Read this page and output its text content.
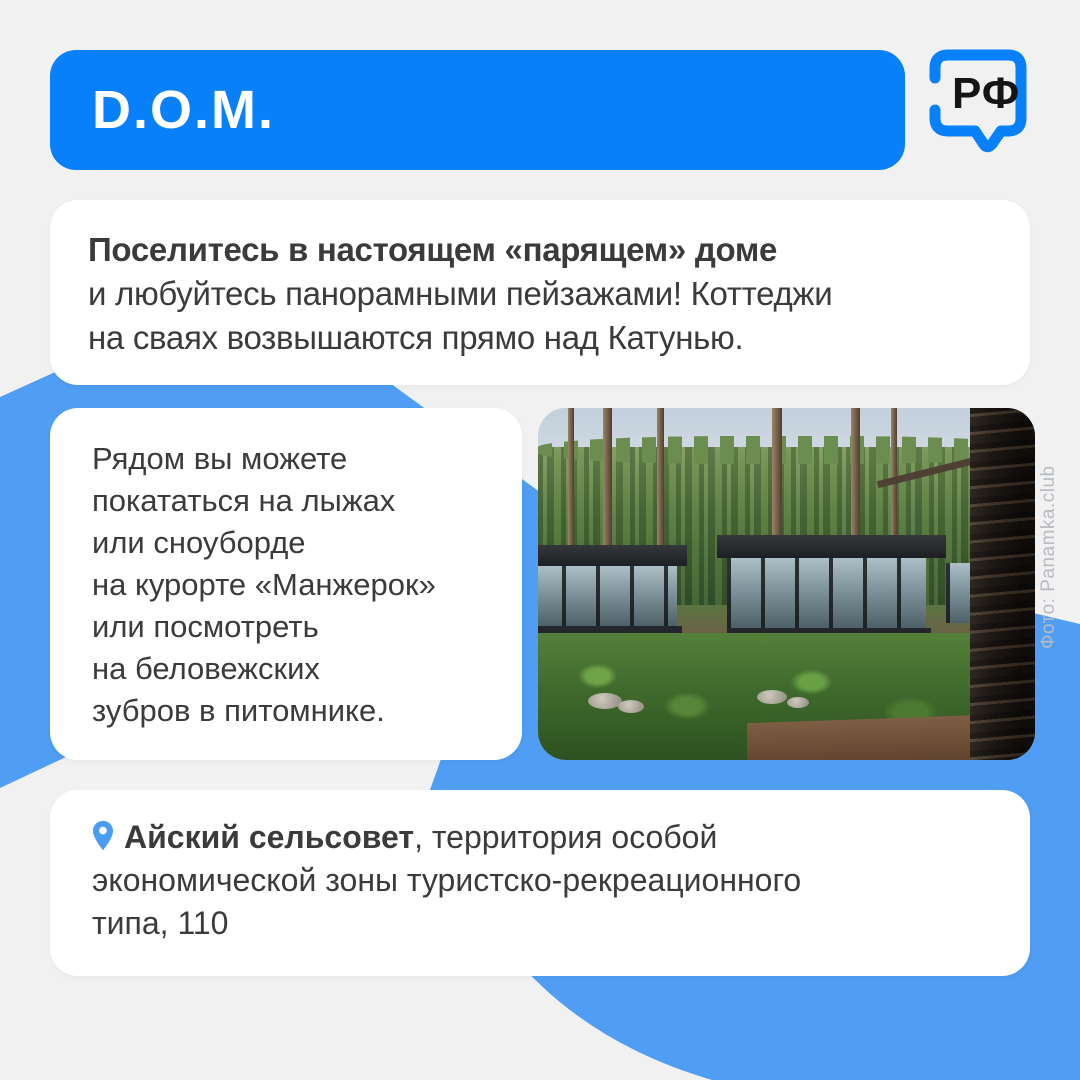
D.O.M.	РФ
Поселитесь в настоящем «парящем» доме
и любуйтесь панорамными пейзажами! Коттеджи
на сваях возвышаются прямо над Катунью.
Рядом вы можете
покататься на лыжах
или сноуборде
на курорте «Манжерок»
или посмотреть
на беловежских
зубров в питомнике.
Фото: Panamka.club
Айский сельсовет, территория особой
экономической зоны туристско-рекреационного
типа, 110
